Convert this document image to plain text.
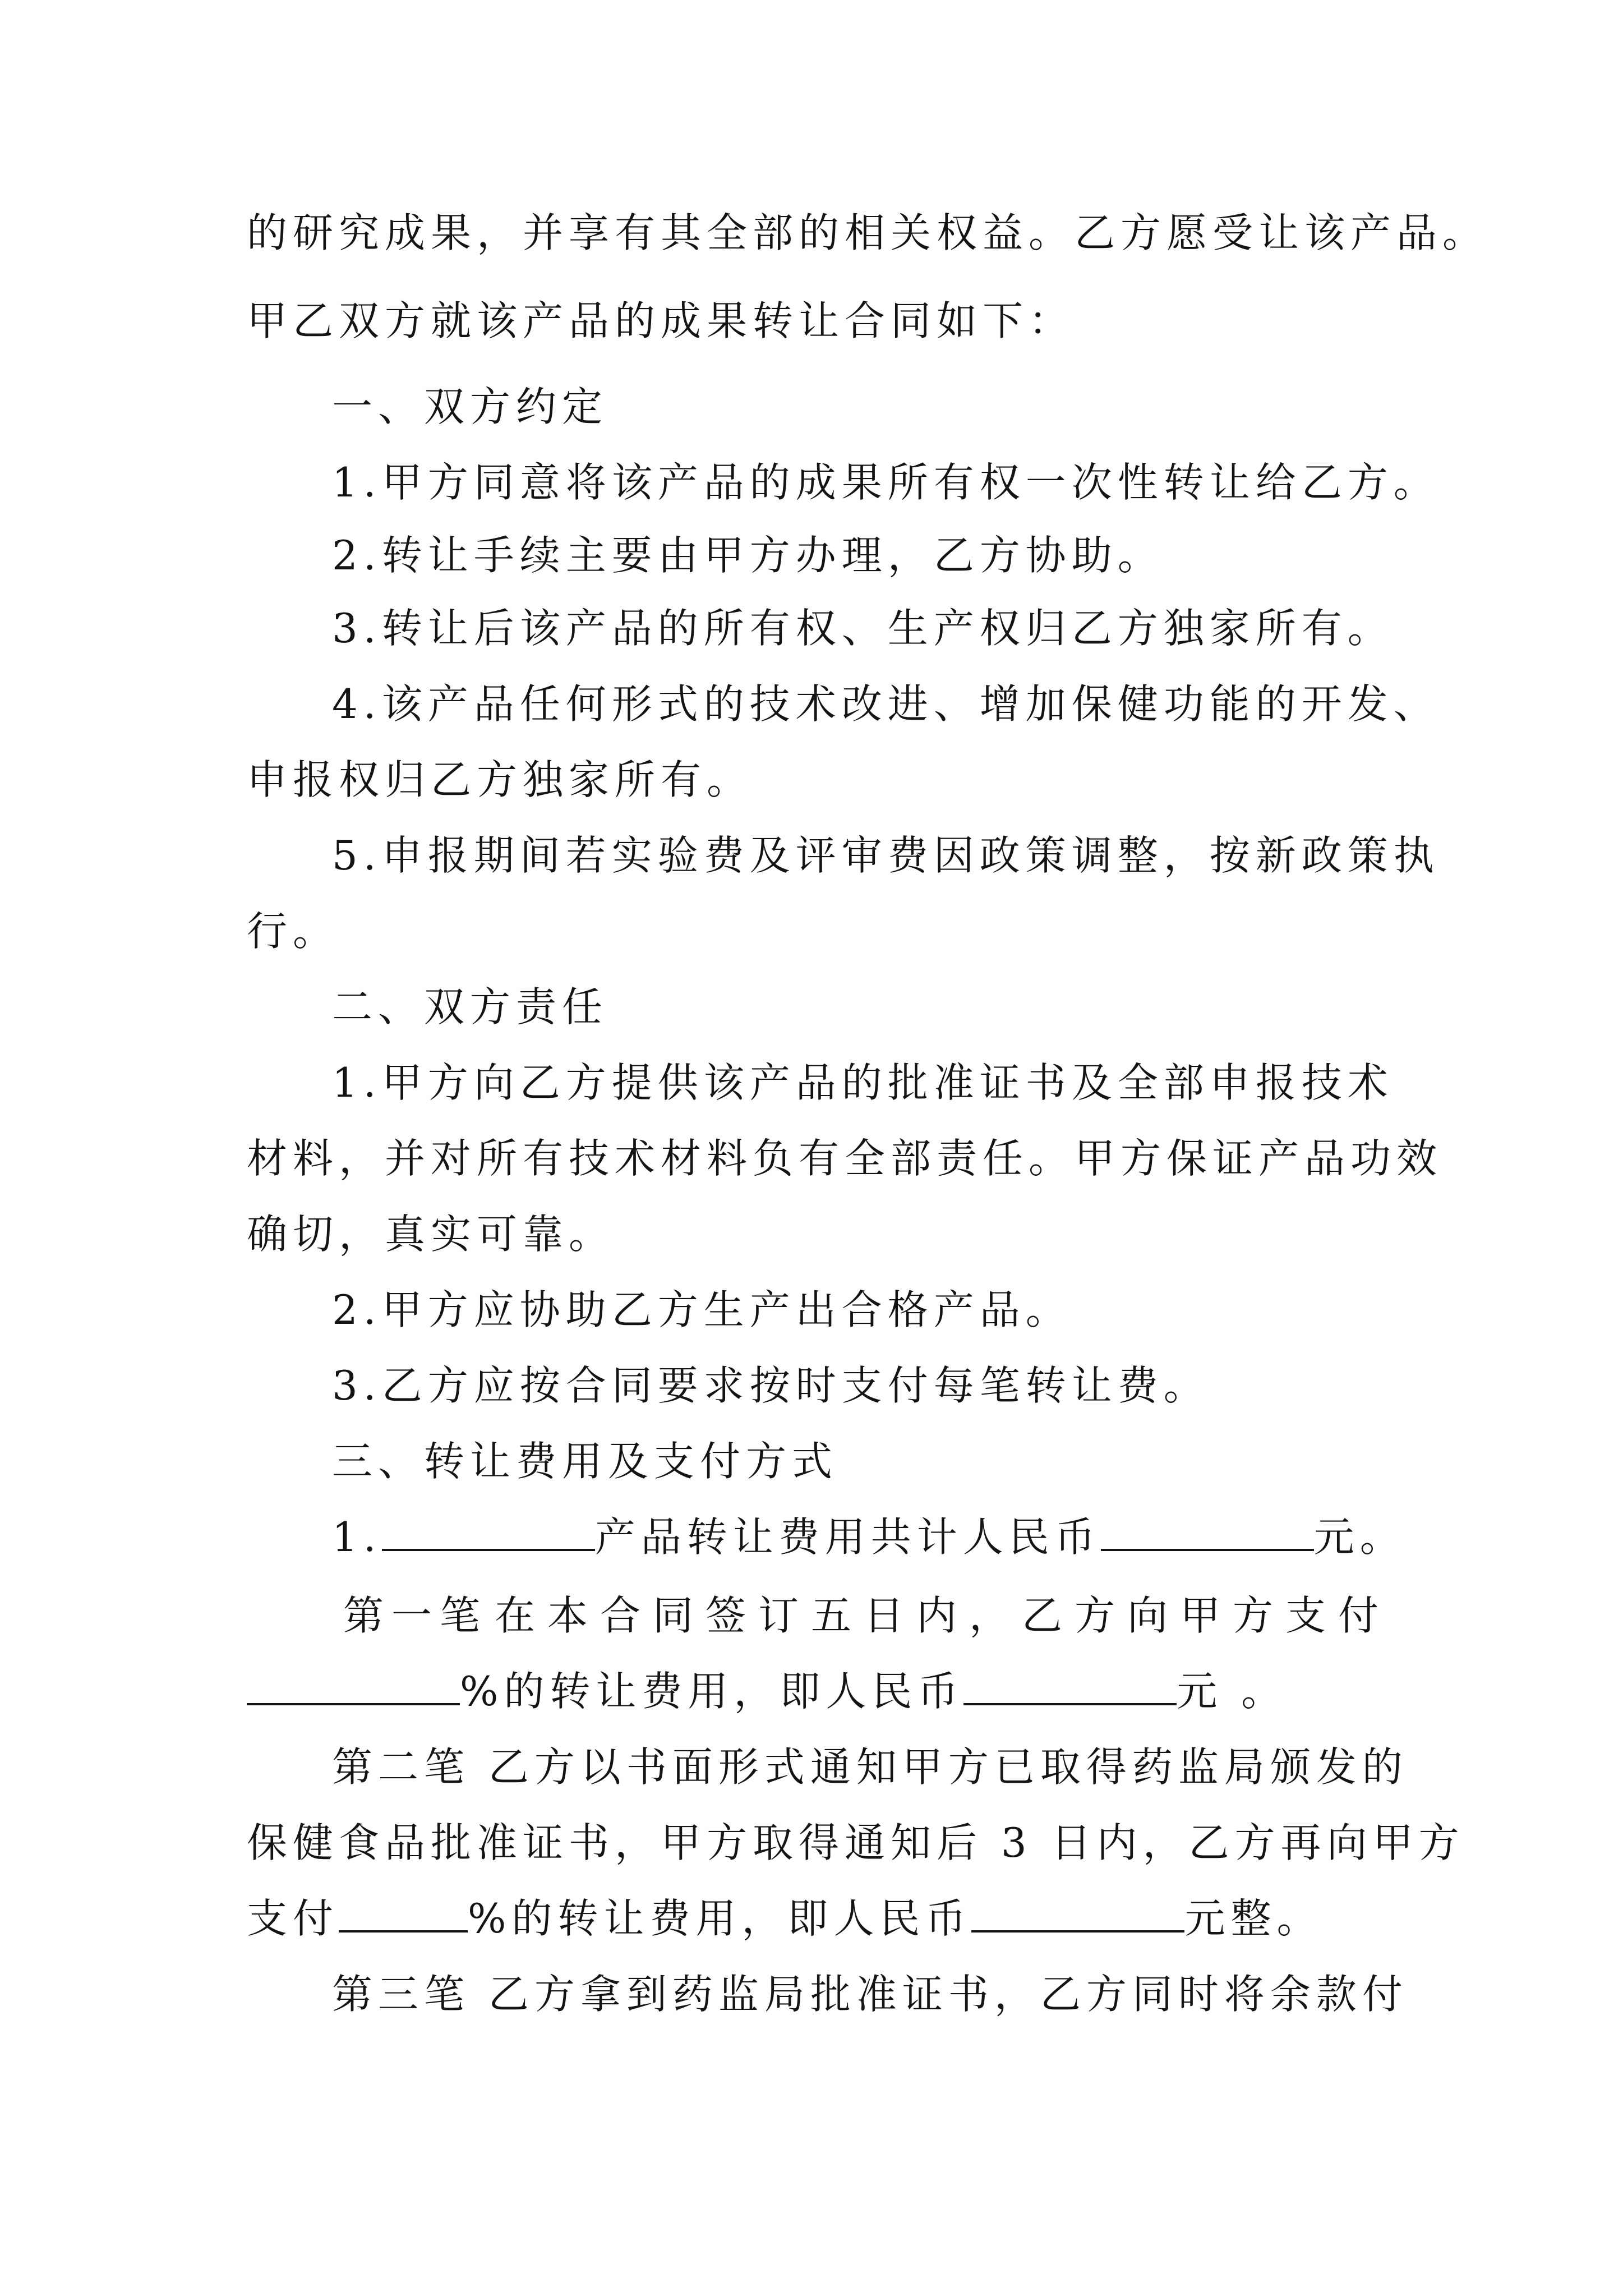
的研究成果，并享有其全部的相关权益。乙方愿受让该产品。
甲乙双方就该产品的成果转让合同如下：
一、双方约定
1.甲方同意将该产品的成果所有权一次性转让给乙方。
2.转让手续主要由甲方办理，乙方协助。
3.转让后该产品的所有权、生产权归乙方独家所有。
4.该产品任何形式的技术改进、增加保健功能的开发、
申报权归乙方独家所有。
5.申报期间若实验费及评审费因政策调整，按新政策执
行。
二、双方责任
1.甲方向乙方提供该产品的批准证书及全部申报技术
材料，并对所有技术材料负有全部责任。甲方保证产品功效
确切，真实可靠。
2.甲方应协助乙方生产出合格产品。
3.乙方应按合同要求按时支付每笔转让费。
三、转让费用及支付方式
1.	产品转让费用共计人民币	元。
第一笔 在本合同签订五日内，乙方向甲方支付
%的转让费用，即人民币	元 。
第二笔 乙方以书面形式通知甲方已取得药监局颁发的
保健食品批准证书，甲方取得通知后 3 日内，乙方再向甲方
支付	%的转让费用，即人民币	元整。
第三笔 乙方拿到药监局批准证书，乙方同时将余款付
